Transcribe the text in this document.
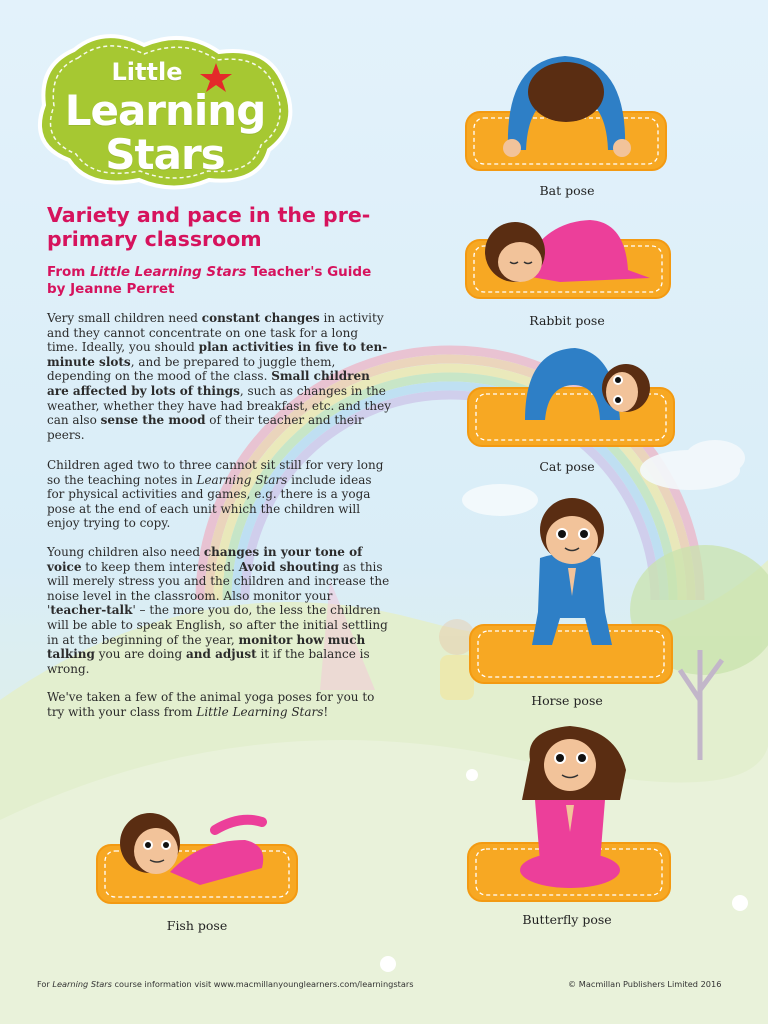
Little
Learning
Stars
Variety and pace in the pre-primary classroom
From Little Learning Stars Teacher's Guide
by Jeanne Perret
Very small children need constant changes in activity and they cannot concentrate on one task for a long time. Ideally, you should plan activities in five to ten-minute slots, and be prepared to juggle them, depending on the mood of the class. Small children are affected by lots of things, such as changes in the weather, whether they have had breakfast, etc. and they can also sense the mood of their teacher and their peers.
Children aged two to three cannot sit still for very long so the teaching notes in Learning Stars include ideas for physical activities and games, e.g. there is a yoga pose at the end of each unit which the children will enjoy trying to copy.
Young children also need changes in your tone of voice to keep them interested. Avoid shouting as this will merely stress you and the children and increase the noise level in the classroom. Also monitor your 'teacher-talk' – the more you do, the less the children will be able to speak English, so after the initial settling in at the beginning of the year, monitor how much talking you are doing and adjust it if the balance is wrong.
We've taken a few of the animal yoga poses for you to try with your class from Little Learning Stars!
Bat pose
Rabbit pose
Cat pose
Horse pose
Butterfly pose
Fish pose
For Learning Stars course information visit www.macmillanyounglearners.com/learningstars	© Macmillan Publishers Limited 2016
